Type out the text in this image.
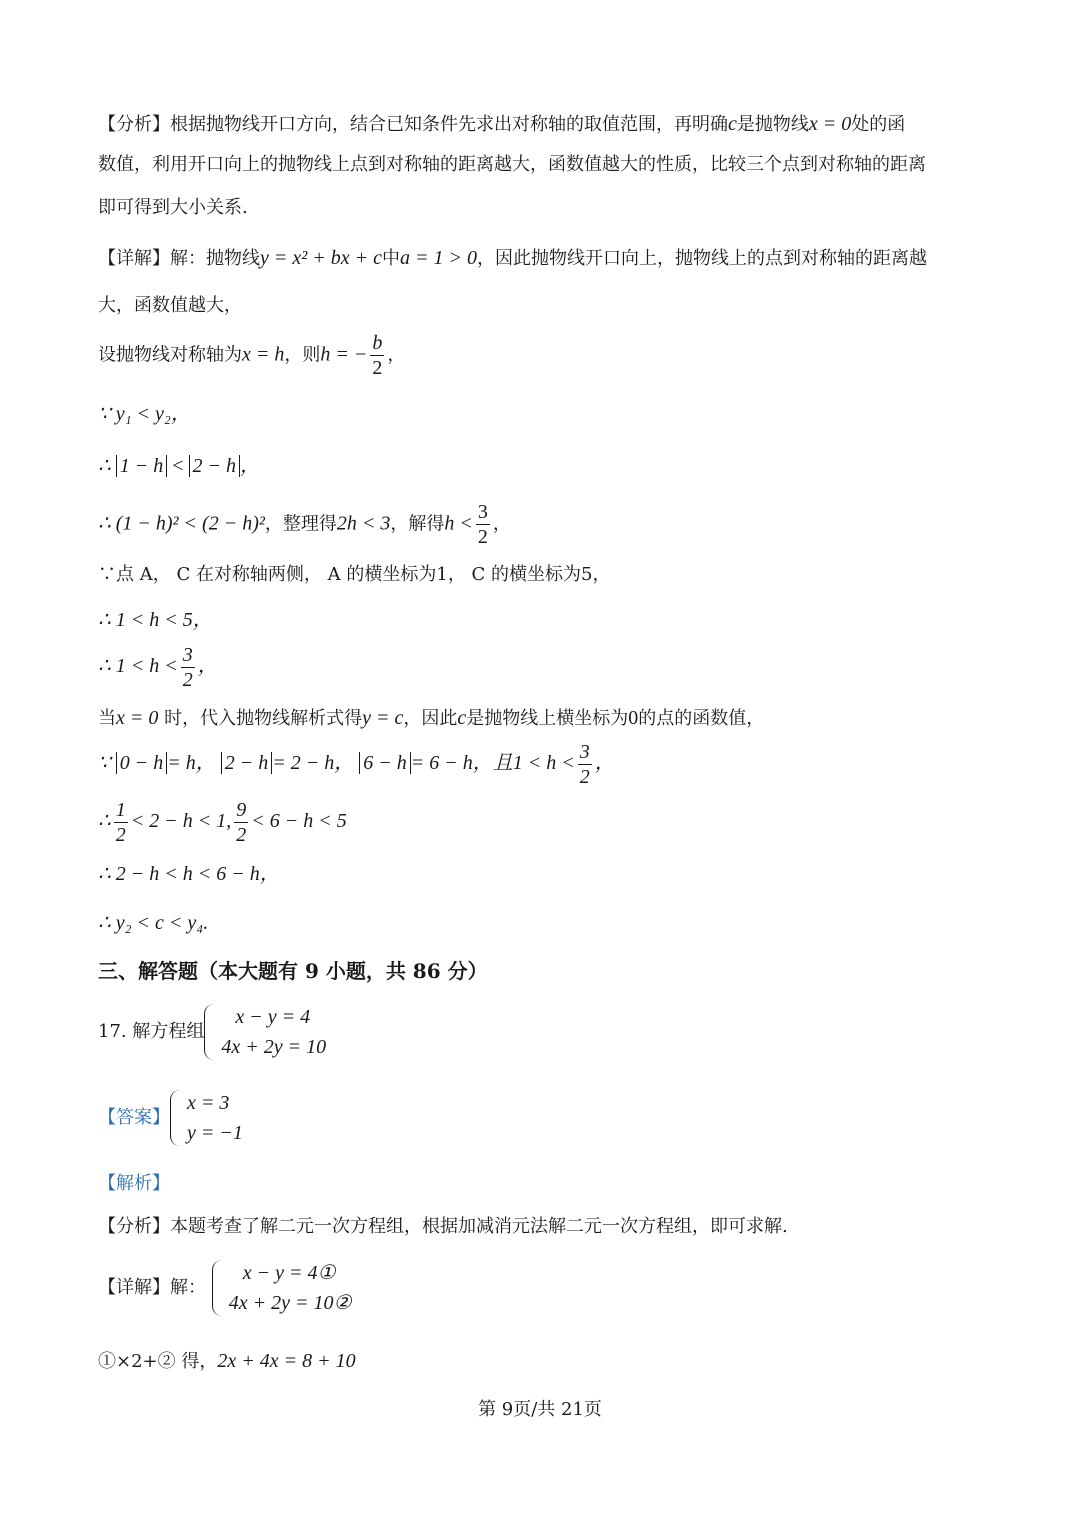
【分析】根据抛物线开口方向，结合已知条件先求出对称轴的取值范围，再明确c是抛物线x = 0处的函
数值，利用开口向上的抛物线上点到对称轴的距离越大，函数值越大的性质，比较三个点到对称轴的距离
即可得到大小关系.
【详解】解：抛物线y = x² + bx + c中a = 1 > 0，因此抛物线开口向上，抛物线上的点到对称轴的距离越
大，函数值越大，
设抛物线对称轴为x = h，则h = − $\frac{b}{2}$ ，
∵ y₁ < y₂，
∴ 1 − h < 2 − h ，
∴ (1 − h)² < (2 − h)²，整理得2h < 3，解得$h < \frac{3}{2}$ ，
∵点 A， C 在对称轴两侧， A 的横坐标为1， C 的横坐标为5，
∴ 1 < h < 5，
∴ $1 < h < \frac{3}{2}$ ，
当x = 0 时，代入抛物线解析式得y = c，因此c是抛物线上横坐标为0的点的函数值，
∵ 0 − h = h， 2 − h = 2 − h， 6 − h = 6 − h，且$1 < h < \frac{3}{2}$ ，
∴ $\frac{1}{2} < 2 - h < 1$, $\frac{9}{2} < 6 - h < 5$
∴ 2 − h < h < 6 − h，
∴ y₂ < c < y₄.
三、解答题（本大题有 9 小题，共 86 分）
17. 解方程组
x − y = 4
4x + 2y = 10
【答案】
x = 3
y = −1
【解析】
【分析】本题考查了解二元一次方程组，根据加减消元法解二元一次方程组，即可求解.
【详解】解：
x − y = 4①
4x + 2y = 10②
①×2+② 得，2x + 4x = 8 + 10
第 9页/共 21页
